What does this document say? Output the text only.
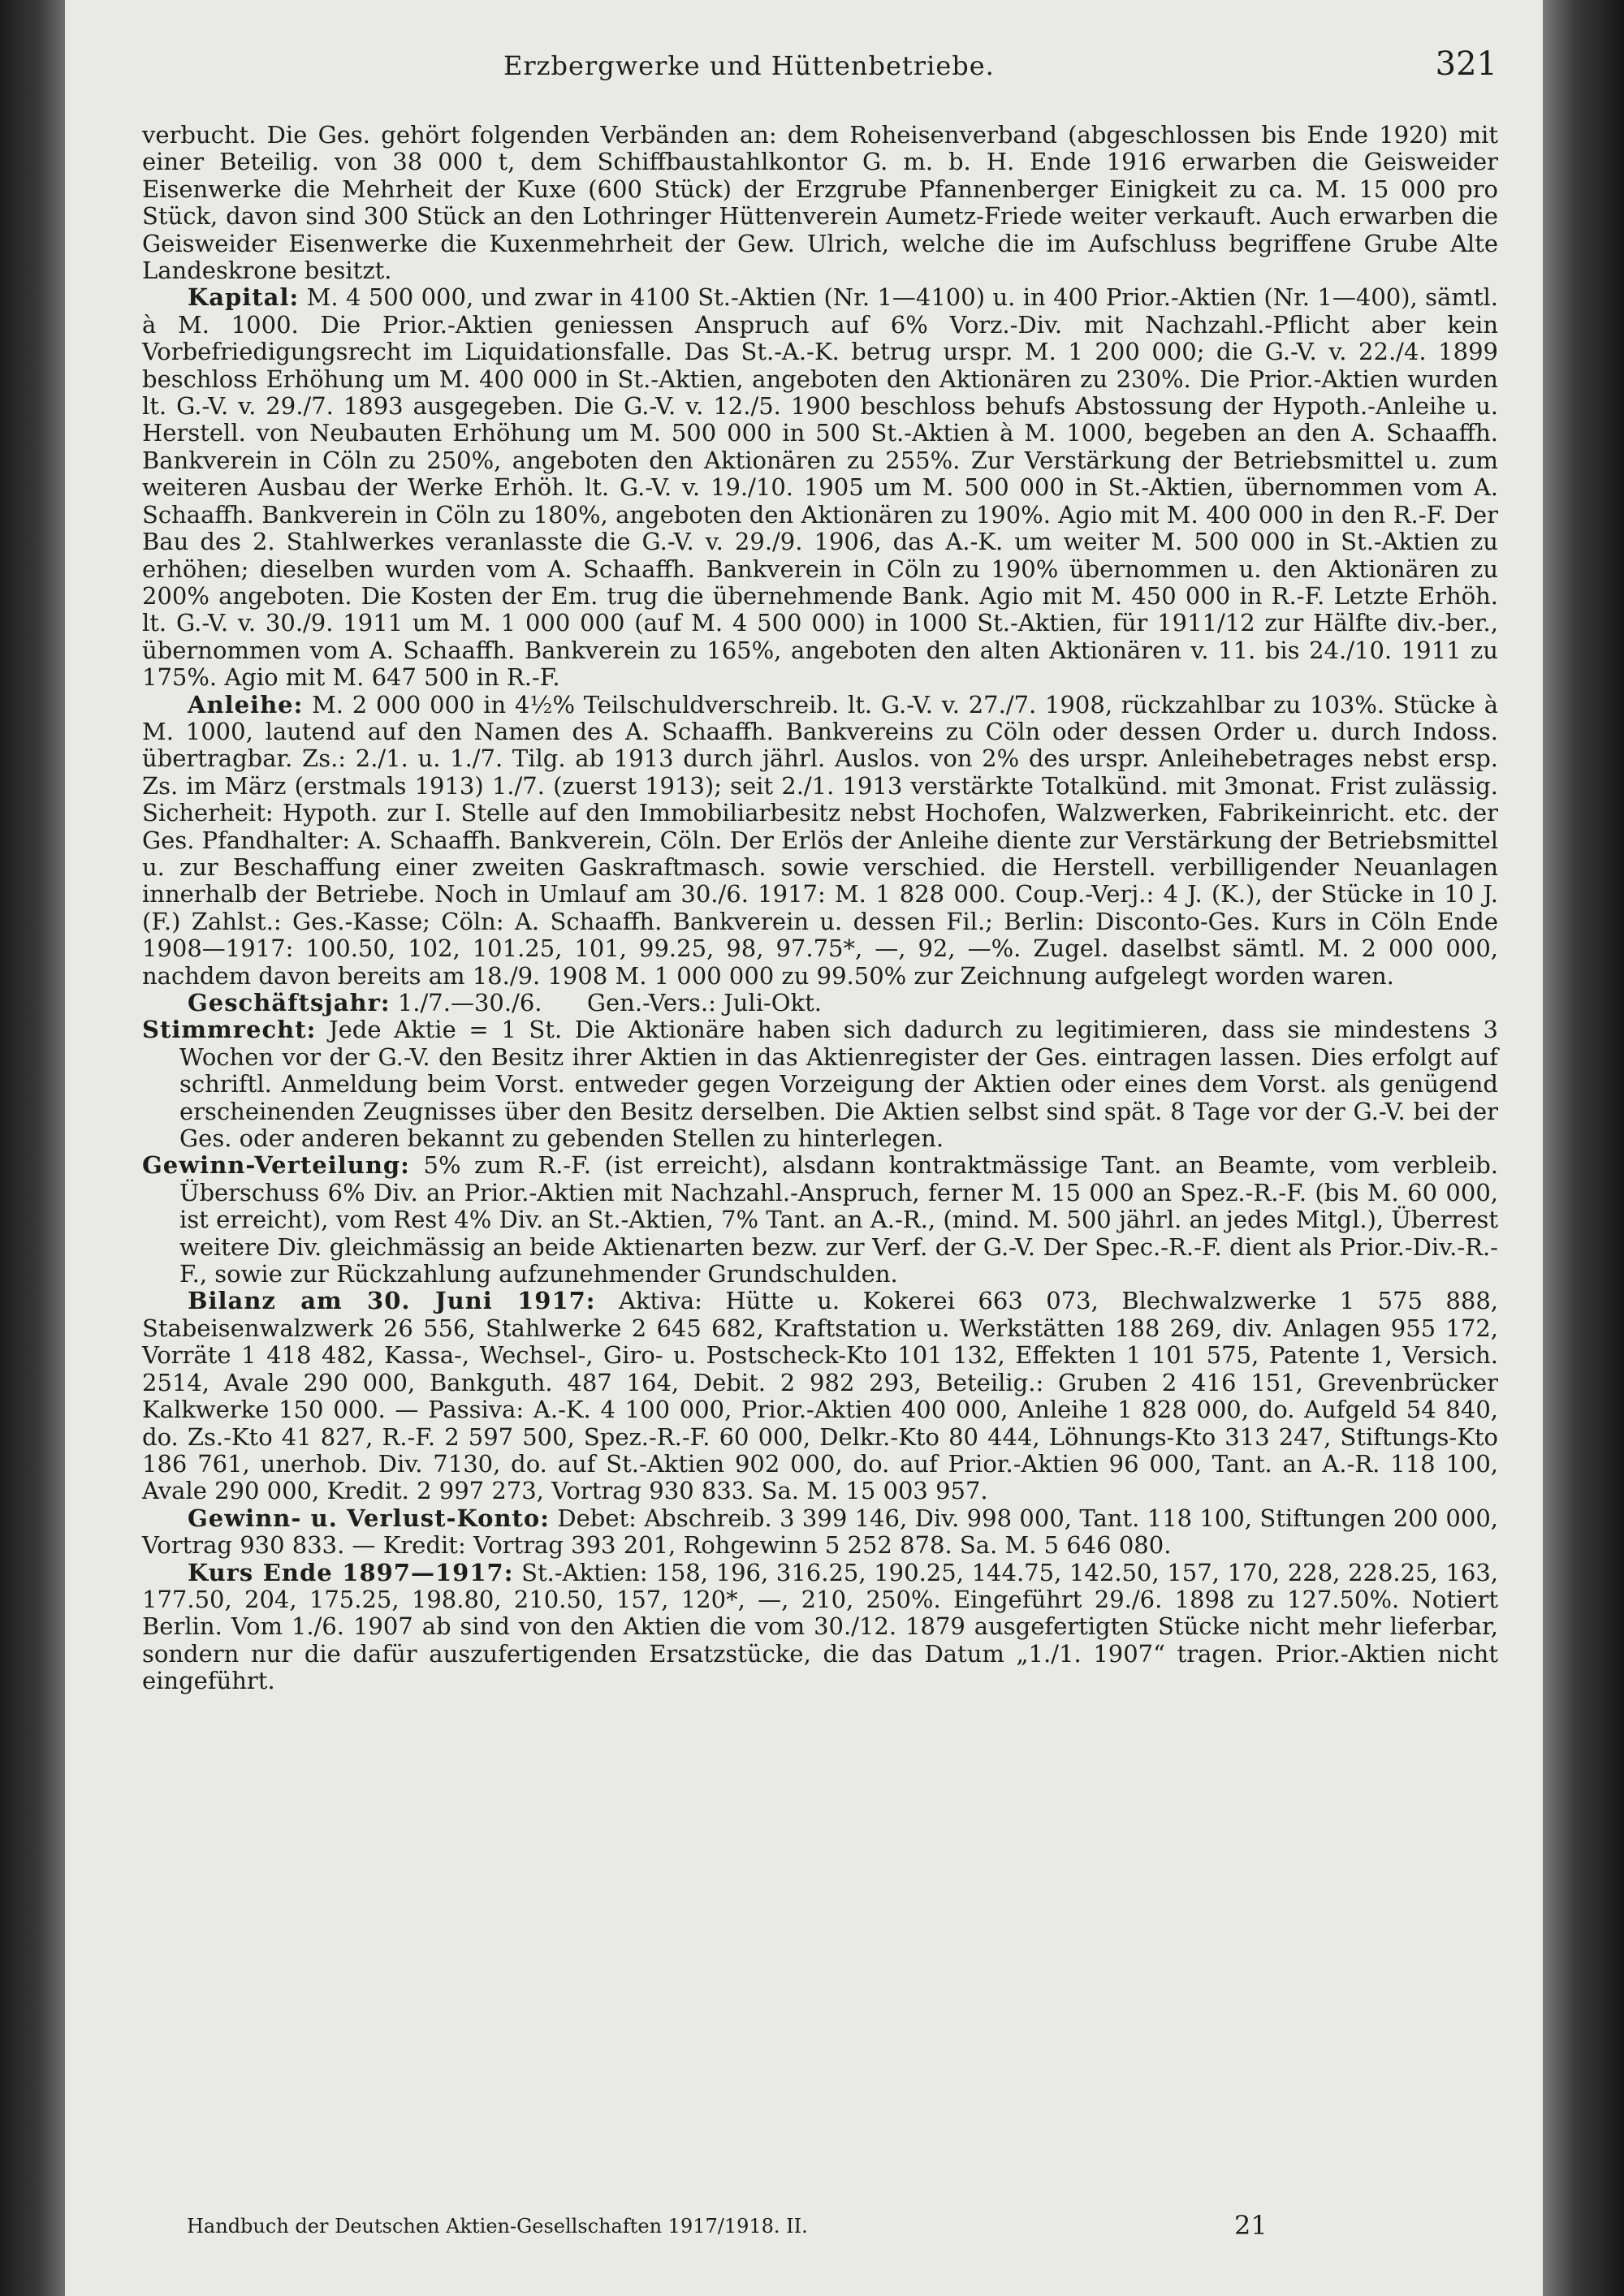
Erzbergwerke und Hüttenbetriebe.	321

verbucht. Die Ges. gehört folgenden Verbänden an: dem Roheisenverband (abgeschlossen bis Ende 1920) mit einer Beteilig. von 38 000 t, dem Schiffbaustahlkontor G. m. b. H. Ende 1916 erwarben die Geisweider Eisenwerke die Mehrheit der Kuxe (600 Stück) der Erzgrube Pfannenberger Einigkeit zu ca. M. 15 000 pro Stück, davon sind 300 Stück an den Lothringer Hüttenverein Aumetz-Friede weiter verkauft. Auch erwarben die Geisweider Eisenwerke die Kuxenmehrheit der Gew. Ulrich, welche die im Aufschluss begriffene Grube Alte Landeskrone besitzt.

Kapital: M. 4 500 000, und zwar in 4100 St.-Aktien (Nr. 1—4100) u. in 400 Prior.-Aktien (Nr. 1—400), sämtl. à M. 1000. Die Prior.-Aktien geniessen Anspruch auf 6% Vorz.-Div. mit Nachzahl.-Pflicht aber kein Vorbefriedigungsrecht im Liquidationsfalle. Das St.-A.-K. betrug urspr. M. 1 200 000; die G.-V. v. 22./4. 1899 beschloss Erhöhung um M. 400 000 in St.-Aktien, angeboten den Aktionären zu 230%. Die Prior.-Aktien wurden lt. G.-V. v. 29./7. 1893 ausgegeben. Die G.-V. v. 12./5. 1900 beschloss behufs Abstossung der Hypoth.-Anleihe u. Herstell. von Neubauten Erhöhung um M. 500 000 in 500 St.-Aktien à M. 1000, begeben an den A. Schaaffh. Bankverein in Cöln zu 250%, angeboten den Aktionären zu 255%. Zur Verstärkung der Betriebsmittel u. zum weiteren Ausbau der Werke Erhöh. lt. G.-V. v. 19./10. 1905 um M. 500 000 in St.-Aktien, übernommen vom A. Schaaffh. Bankverein in Cöln zu 180%, angeboten den Aktionären zu 190%. Agio mit M. 400 000 in den R.-F. Der Bau des 2. Stahlwerkes veranlasste die G.-V. v. 29./9. 1906, das A.-K. um weiter M. 500 000 in St.-Aktien zu erhöhen; dieselben wurden vom A. Schaaffh. Bankverein in Cöln zu 190% übernommen u. den Aktionären zu 200% angeboten. Die Kosten der Em. trug die übernehmende Bank. Agio mit M. 450 000 in R.-F. Letzte Erhöh. lt. G.-V. v. 30./9. 1911 um M. 1 000 000 (auf M. 4 500 000) in 1000 St.-Aktien, für 1911/12 zur Hälfte div.-ber., übernommen vom A. Schaaffh. Bankverein zu 165%, angeboten den alten Aktionären v. 11. bis 24./10. 1911 zu 175%. Agio mit M. 647 500 in R.-F.

Anleihe: M. 2 000 000 in 4½% Teilschuldverschreib. lt. G.-V. v. 27./7. 1908, rückzahlbar zu 103%. Stücke à M. 1000, lautend auf den Namen des A. Schaaffh. Bankvereins zu Cöln oder dessen Order u. durch Indoss. übertragbar. Zs.: 2./1. u. 1./7. Tilg. ab 1913 durch jährl. Auslos. von 2% des urspr. Anleihebetrages nebst ersp. Zs. im März (erstmals 1913) 1./7. (zuerst 1913); seit 2./1. 1913 verstärkte Totalkünd. mit 3monat. Frist zulässig. Sicherheit: Hypoth. zur I. Stelle auf den Immobiliarbesitz nebst Hochofen, Walzwerken, Fabrikeinricht. etc. der Ges. Pfandhalter: A. Schaaffh. Bankverein, Cöln. Der Erlös der Anleihe diente zur Verstärkung der Betriebsmittel u. zur Beschaffung einer zweiten Gaskraftmasch. sowie verschied. die Herstell. verbilligender Neuanlagen innerhalb der Betriebe. Noch in Umlauf am 30./6. 1917: M. 1 828 000. Coup.-Verj.: 4 J. (K.), der Stücke in 10 J. (F.) Zahlst.: Ges.-Kasse; Cöln: A. Schaaffh. Bankverein u. dessen Fil.; Berlin: Disconto-Ges. Kurs in Cöln Ende 1908—1917: 100.50, 102, 101.25, 101, 99.25, 98, 97.75*, —, 92, —%. Zugel. daselbst sämtl. M. 2 000 000, nachdem davon bereits am 18./9. 1908 M. 1 000 000 zu 99.50% zur Zeichnung aufgelegt worden waren.

Geschäftsjahr: 1./7.—30./6.      Gen.-Vers.: Juli-Okt.

Stimmrecht: Jede Aktie = 1 St. Die Aktionäre haben sich dadurch zu legitimieren, dass sie mindestens 3 Wochen vor der G.-V. den Besitz ihrer Aktien in das Aktienregister der Ges. eintragen lassen. Dies erfolgt auf schriftl. Anmeldung beim Vorst. entweder gegen Vorzeigung der Aktien oder eines dem Vorst. als genügend erscheinenden Zeugnisses über den Besitz derselben. Die Aktien selbst sind spät. 8 Tage vor der G.-V. bei der Ges. oder anderen bekannt zu gebenden Stellen zu hinterlegen.

Gewinn-Verteilung: 5% zum R.-F. (ist erreicht), alsdann kontraktmässige Tant. an Beamte, vom verbleib. Überschuss 6% Div. an Prior.-Aktien mit Nachzahl.-Anspruch, ferner M. 15 000 an Spez.-R.-F. (bis M. 60 000, ist erreicht), vom Rest 4% Div. an St.-Aktien, 7% Tant. an A.-R., (mind. M. 500 jährl. an jedes Mitgl.), Überrest weitere Div. gleichmässig an beide Aktienarten bezw. zur Verf. der G.-V. Der Spec.-R.-F. dient als Prior.-Div.-R.-F., sowie zur Rückzahlung aufzunehmender Grundschulden.

Bilanz am 30. Juni 1917: Aktiva: Hütte u. Kokerei 663 073, Blechwalzwerke 1 575 888, Stabeisenwalzwerk 26 556, Stahlwerke 2 645 682, Kraftstation u. Werkstätten 188 269, div. Anlagen 955 172, Vorräte 1 418 482, Kassa-, Wechsel-, Giro- u. Postscheck-Kto 101 132, Effekten 1 101 575, Patente 1, Versich. 2514, Avale 290 000, Bankguth. 487 164, Debit. 2 982 293, Beteilig.: Gruben 2 416 151, Grevenbrücker Kalkwerke 150 000. — Passiva: A.-K. 4 100 000, Prior.-Aktien 400 000, Anleihe 1 828 000, do. Aufgeld 54 840, do. Zs.-Kto 41 827, R.-F. 2 597 500, Spez.-R.-F. 60 000, Delkr.-Kto 80 444, Löhnungs-Kto 313 247, Stiftungs-Kto 186 761, unerhob. Div. 7130, do. auf St.-Aktien 902 000, do. auf Prior.-Aktien 96 000, Tant. an A.-R. 118 100, Avale 290 000, Kredit. 2 997 273, Vortrag 930 833. Sa. M. 15 003 957.

Gewinn- u. Verlust-Konto: Debet: Abschreib. 3 399 146, Div. 998 000, Tant. 118 100, Stiftungen 200 000, Vortrag 930 833. — Kredit: Vortrag 393 201, Rohgewinn 5 252 878. Sa. M. 5 646 080.

Kurs Ende 1897—1917: St.-Aktien: 158, 196, 316.25, 190.25, 144.75, 142.50, 157, 170, 228, 228.25, 163, 177.50, 204, 175.25, 198.80, 210.50, 157, 120*, —, 210, 250%. Eingeführt 29./6. 1898 zu 127.50%. Notiert Berlin. Vom 1./6. 1907 ab sind von den Aktien die vom 30./12. 1879 ausgefertigten Stücke nicht mehr lieferbar, sondern nur die dafür auszufertigenden Ersatzstücke, die das Datum „1./1. 1907“ tragen. Prior.-Aktien nicht eingeführt.

Handbuch der Deutschen Aktien-Gesellschaften 1917/1918. II.	21
